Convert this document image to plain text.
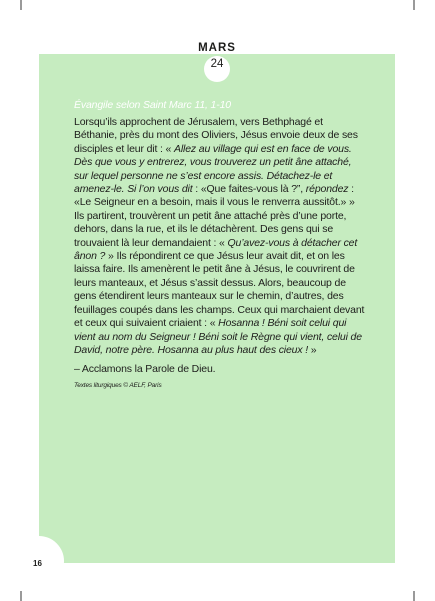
MARS
24

Évangile selon Saint Marc 11, 1-10

Lorsqu’ils approchent de Jérusalem, vers Bethphagé et Béthanie, près du mont des Oliviers, Jésus envoie deux de ses disciples et leur dit : « Allez au village qui est en face de vous. Dès que vous y entrerez, vous trouverez un petit âne attaché, sur lequel personne ne s’est encore assis. Détachez-le et amenez-le. Si l’on vous dit : «Que faites-vous là ?”, répondez : «Le Seigneur en a besoin, mais il vous le renverra aussitôt.» » Ils partirent, trouvèrent un petit âne attaché près d’une porte, dehors, dans la rue, et ils le détachèrent. Des gens qui se trouvaient là leur demandaient : « Qu’avez-vous à détacher cet ânon ? » Ils répondirent ce que Jésus leur avait dit, et on les laissa faire. Ils amenèrent le petit âne à Jésus, le couvrirent de leurs manteaux, et Jésus s’assit dessus. Alors, beaucoup de gens étendirent leurs manteaux sur le chemin, d’autres, des feuillages coupés dans les champs. Ceux qui marchaient devant et ceux qui suivaient criaient : « Hosanna ! Béni soit celui qui vient au nom du Seigneur ! Béni soit le Règne qui vient, celui de David, notre père. Hosanna au plus haut des cieux ! »

– Acclamons la Parole de Dieu.

Textes liturgiques © AELF, Paris

16
